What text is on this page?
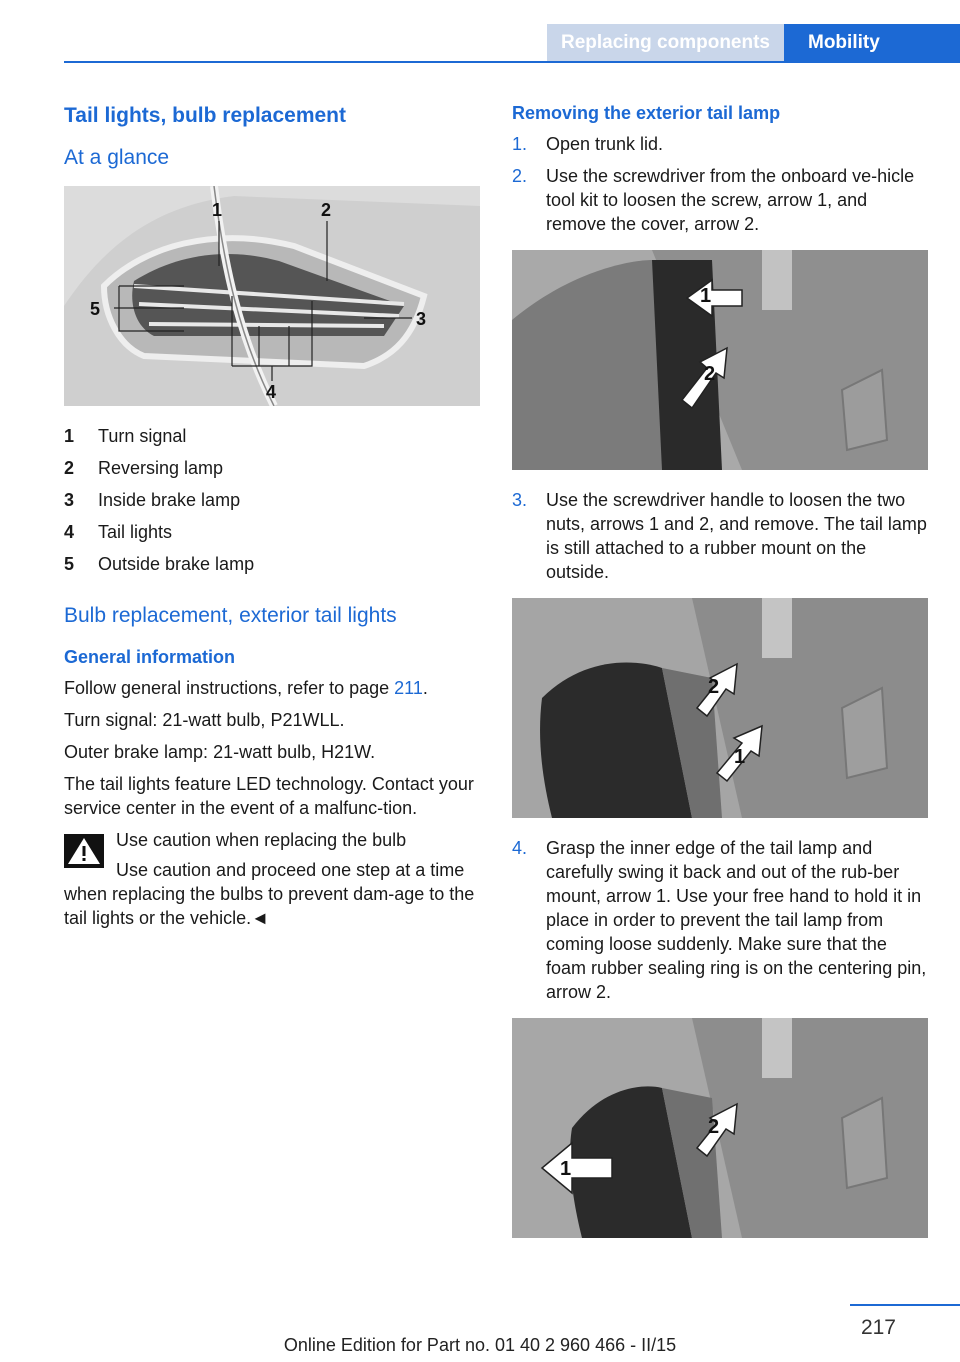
Replacing components	Mobility
Tail lights, bulb replacement
At a glance
1	2
3
4
5
1	Turn signal
2	Reversing lamp
3	Inside brake lamp
4	Tail lights
5	Outside brake lamp
Bulb replacement, exterior tail lights
General information

Follow general instructions, refer to page 211.

Turn signal: 21-watt bulb, P21WLL.

Outer brake lamp: 21-watt bulb, H21W.

The tail lights feature LED technology. Contact your service center in the event of a malfunc-tion.

Use caution when replacing the bulb

Use caution and proceed one step at a time when replacing the bulbs to prevent dam-age to the tail lights or the vehicle.◄

Removing the exterior tail lamp
1.	Open trunk lid.
2.	Use the screwdriver from the onboard ve-hicle tool kit to loosen the screw, arrow 1, and remove the cover, arrow 2.
1
2
3.	Use the screwdriver handle to loosen the two nuts, arrows 1 and 2, and remove. The tail lamp is still attached to a rubber mount on the outside.
2
1
4.	Grasp the inner edge of the tail lamp and carefully swing it back and out of the rub-ber mount, arrow 1. Use your free hand to hold it in place in order to prevent the tail lamp from coming loose suddenly. Make sure that the foam rubber sealing ring is on the centering pin, arrow 2.
1
2
217
Online Edition for Part no. 01 40 2 960 466 - II/15
